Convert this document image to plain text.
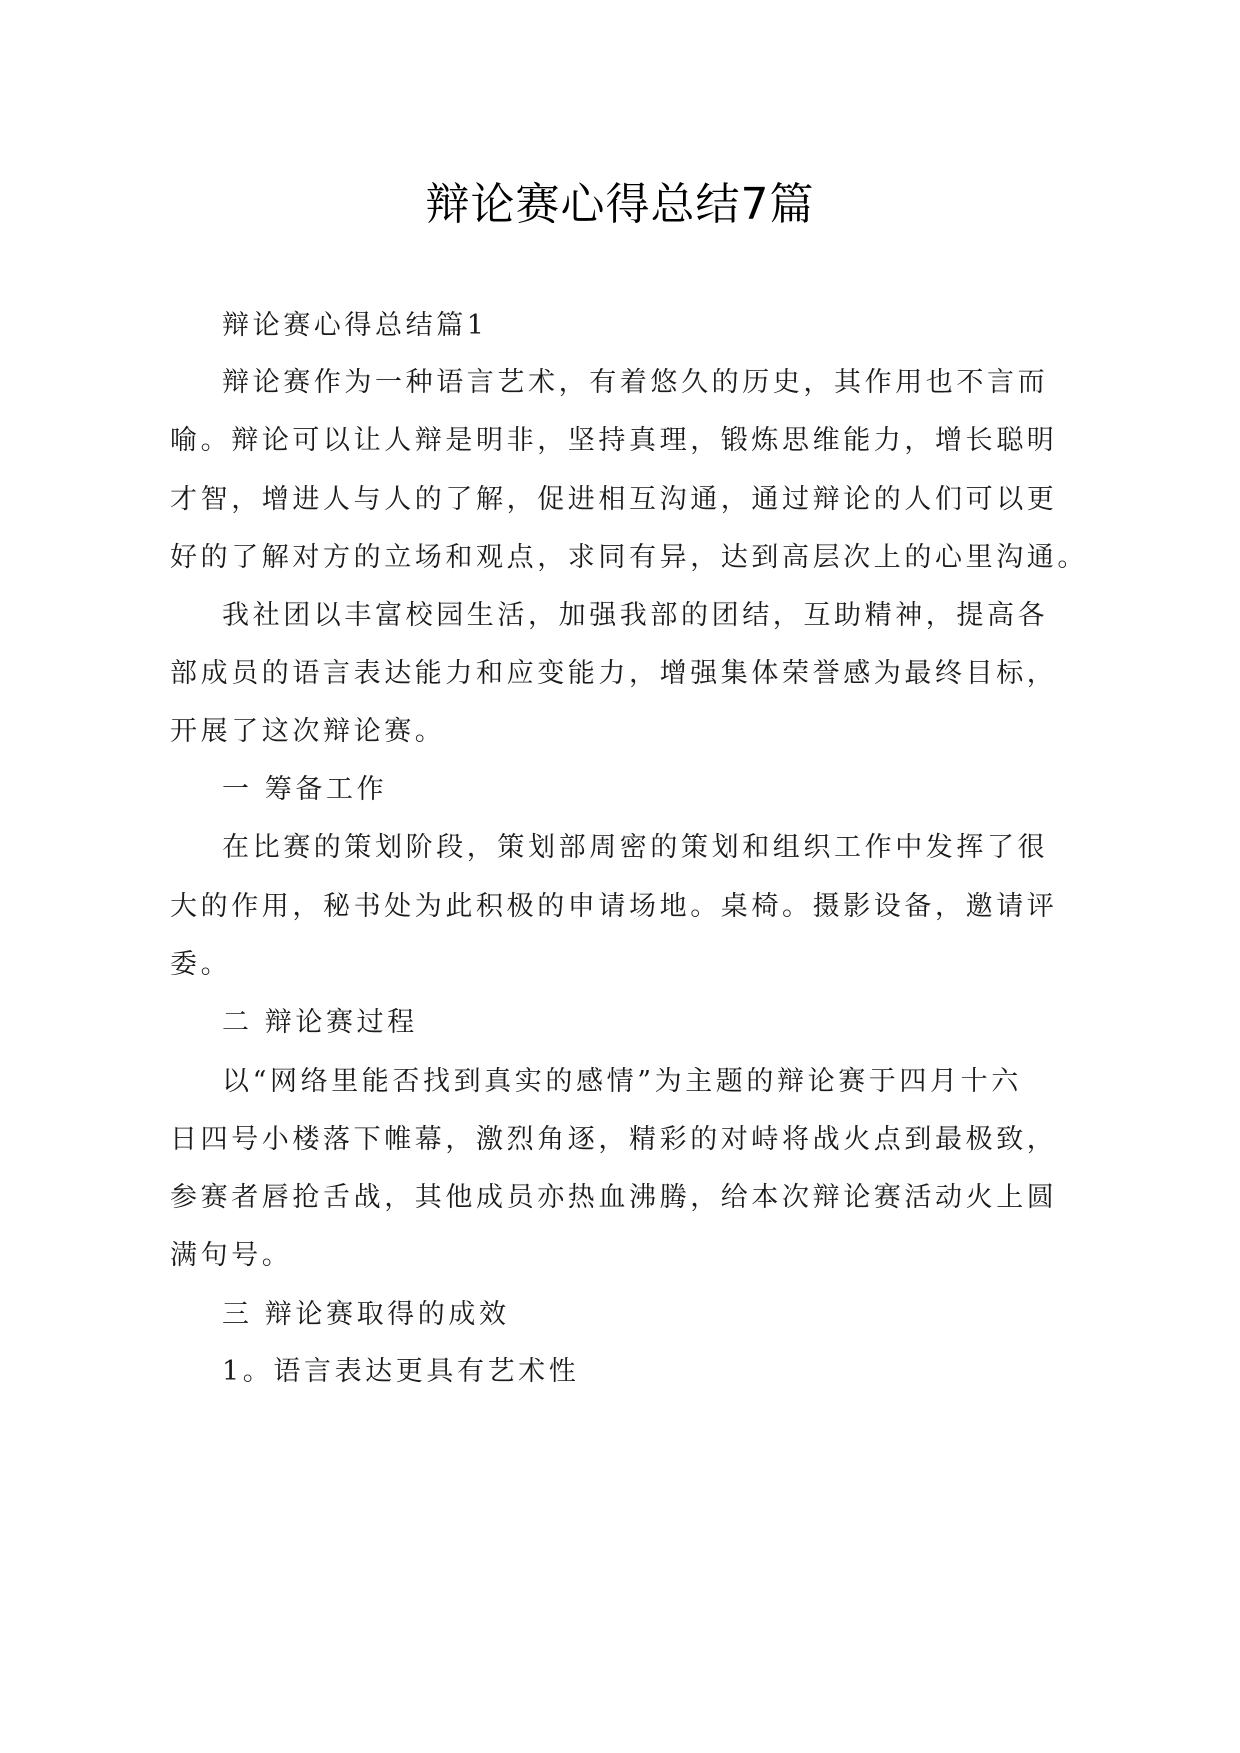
辩论赛心得总结7篇
辩论赛心得总结篇1
辩论赛作为一种语言艺术，有着悠久的历史，其作用也不言而
喻。辩论可以让人辩是明非，坚持真理，锻炼思维能力，增长聪明
才智，增进人与人的了解，促进相互沟通，通过辩论的人们可以更
好的了解对方的立场和观点，求同有异，达到高层次上的心里沟通。
我社团以丰富校园生活，加强我部的团结，互助精神，提高各
部成员的语言表达能力和应变能力，增强集体荣誉感为最终目标，
开展了这次辩论赛。
一 筹备工作
在比赛的策划阶段，策划部周密的策划和组织工作中发挥了很
大的作用，秘书处为此积极的申请场地。桌椅。摄影设备，邀请评
委。
二 辩论赛过程
以“网络里能否找到真实的感情”为主题的辩论赛于四月十六
日四号小楼落下帷幕，激烈角逐，精彩的对峙将战火点到最极致，
参赛者唇抢舌战，其他成员亦热血沸腾，给本次辩论赛活动火上圆
满句号。
三 辩论赛取得的成效
1。语言表达更具有艺术性
